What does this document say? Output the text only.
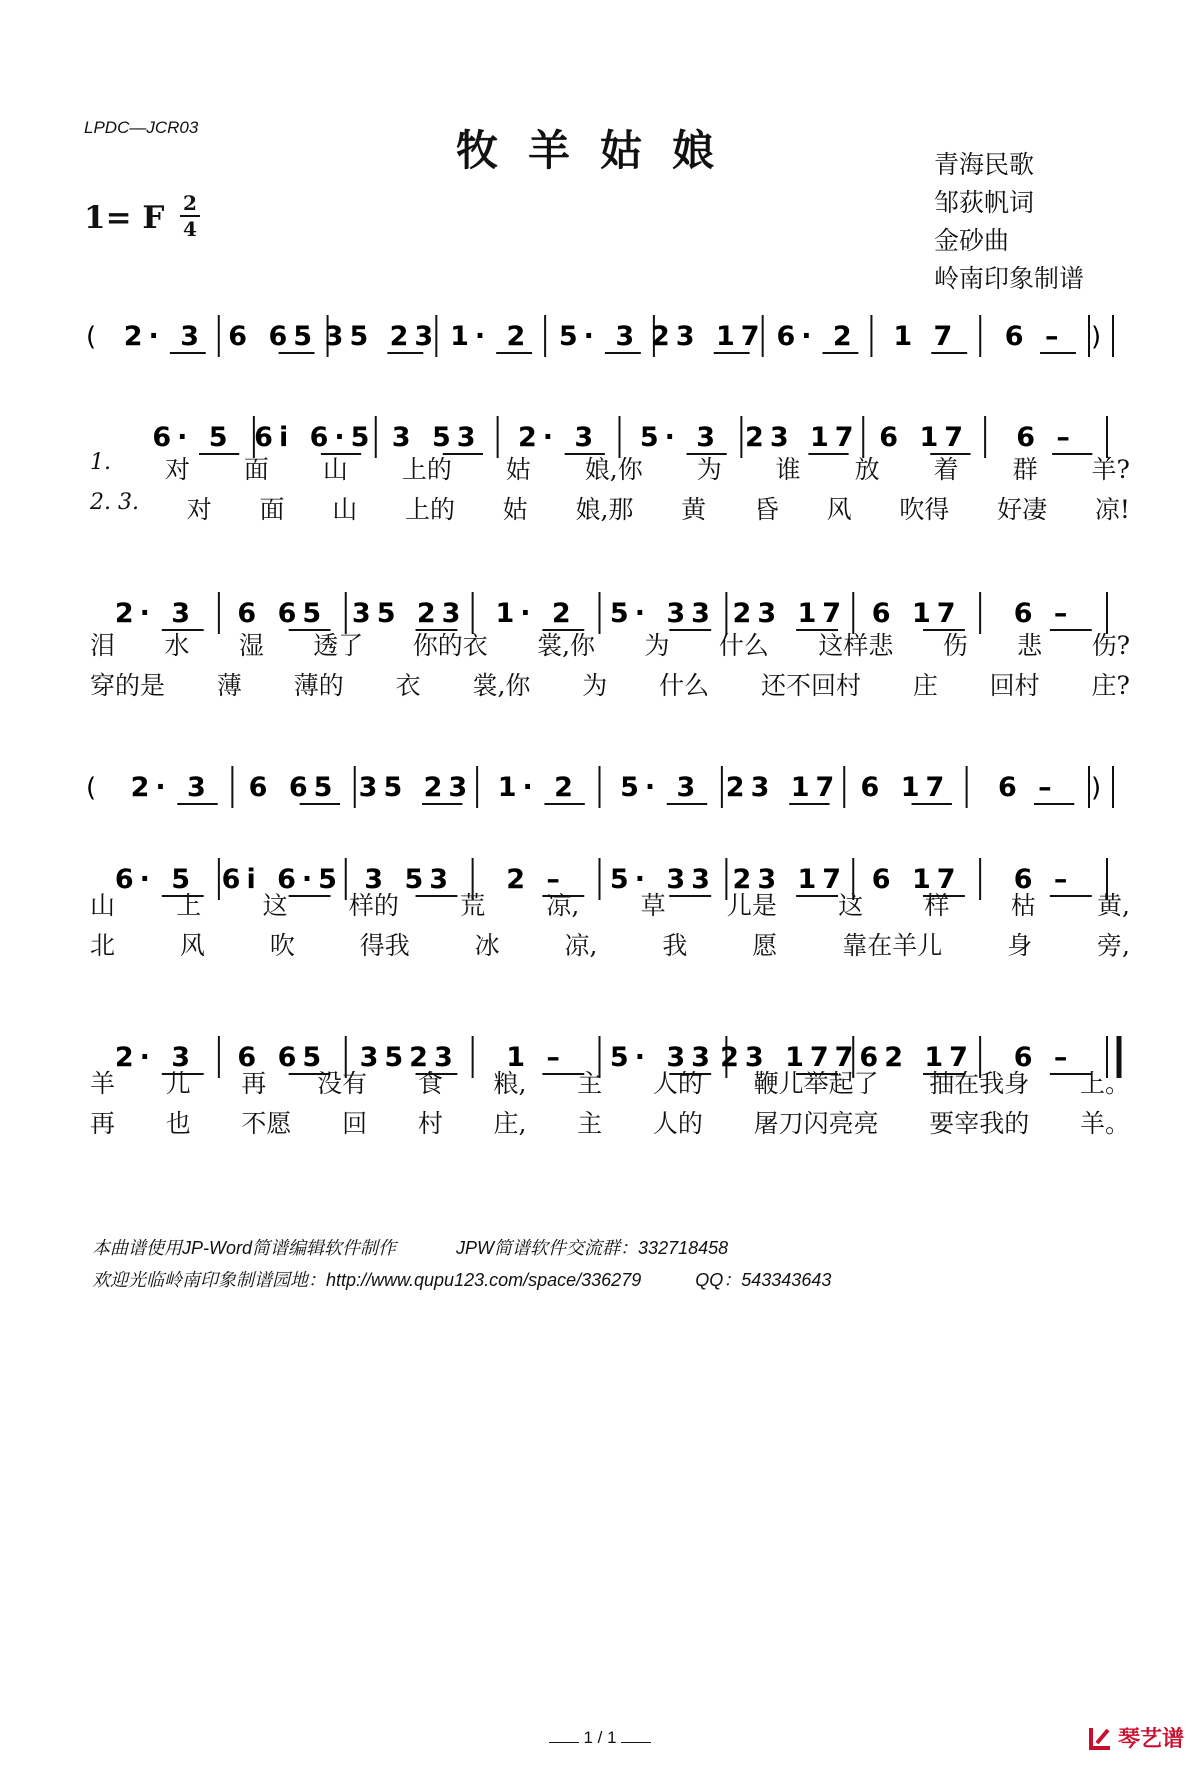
LPDC—JCR03	牧羊姑娘
1= F 2
4
青海民歌
邹荻帆词
金砂曲
岭南印象制谱
( 2· 3 6 65 35 23 1· 2 5· 3 23 17 6· 2 1 7 6 – )
6· 5 6i 6·5 3 53 2· 3 5· 3 23 17 6 17 6 –
2· 3 6 65 35 23 1· 2 5· 33 23 17 6 17 6 –
( 2· 3 6 65 35 23 1· 2 5· 3 23 17 6 17 6 – )
6· 5 6i 6·5 3 53 2 – 5· 33 23 17 6 17 6 –
2· 3 6 65 3523 1 – 5· 33 23 177 62 17 6 –
1. 对 面 山 上的 姑 娘,你 为 谁 放 着 群 羊?
2. 3. 对 面 山 上的 姑 娘,那 黄 昏 风 吹得 好凄 凉!
泪 水 湿 透了 你的衣 裳,你 为 什么 这样悲 伤 悲 伤?
穿的是 薄 薄的 衣 裳,你 为 什么 还不回村 庄 回村 庄?
山 上 这 样的 荒 凉, 草 儿是 这 样 枯 黄,
北	风	吹	得我	冰	凉,	我	愿	靠在羊儿	身	旁,
羊 儿 再 没有 食 粮, 主 人的 鞭儿举起了 抽在我身 上。
再 也 不愿 回 村 庄, 主 人的 屠刀闪亮亮 要宰我的 羊。
本曲谱使用JP-Word简谱编辑软件制作	JPW简谱软件交流群：332718458
欢迎光临岭南印象制谱园地：http://www.qupu123.com/space/336279	QQ：543343643
1 / 1	琴艺谱
